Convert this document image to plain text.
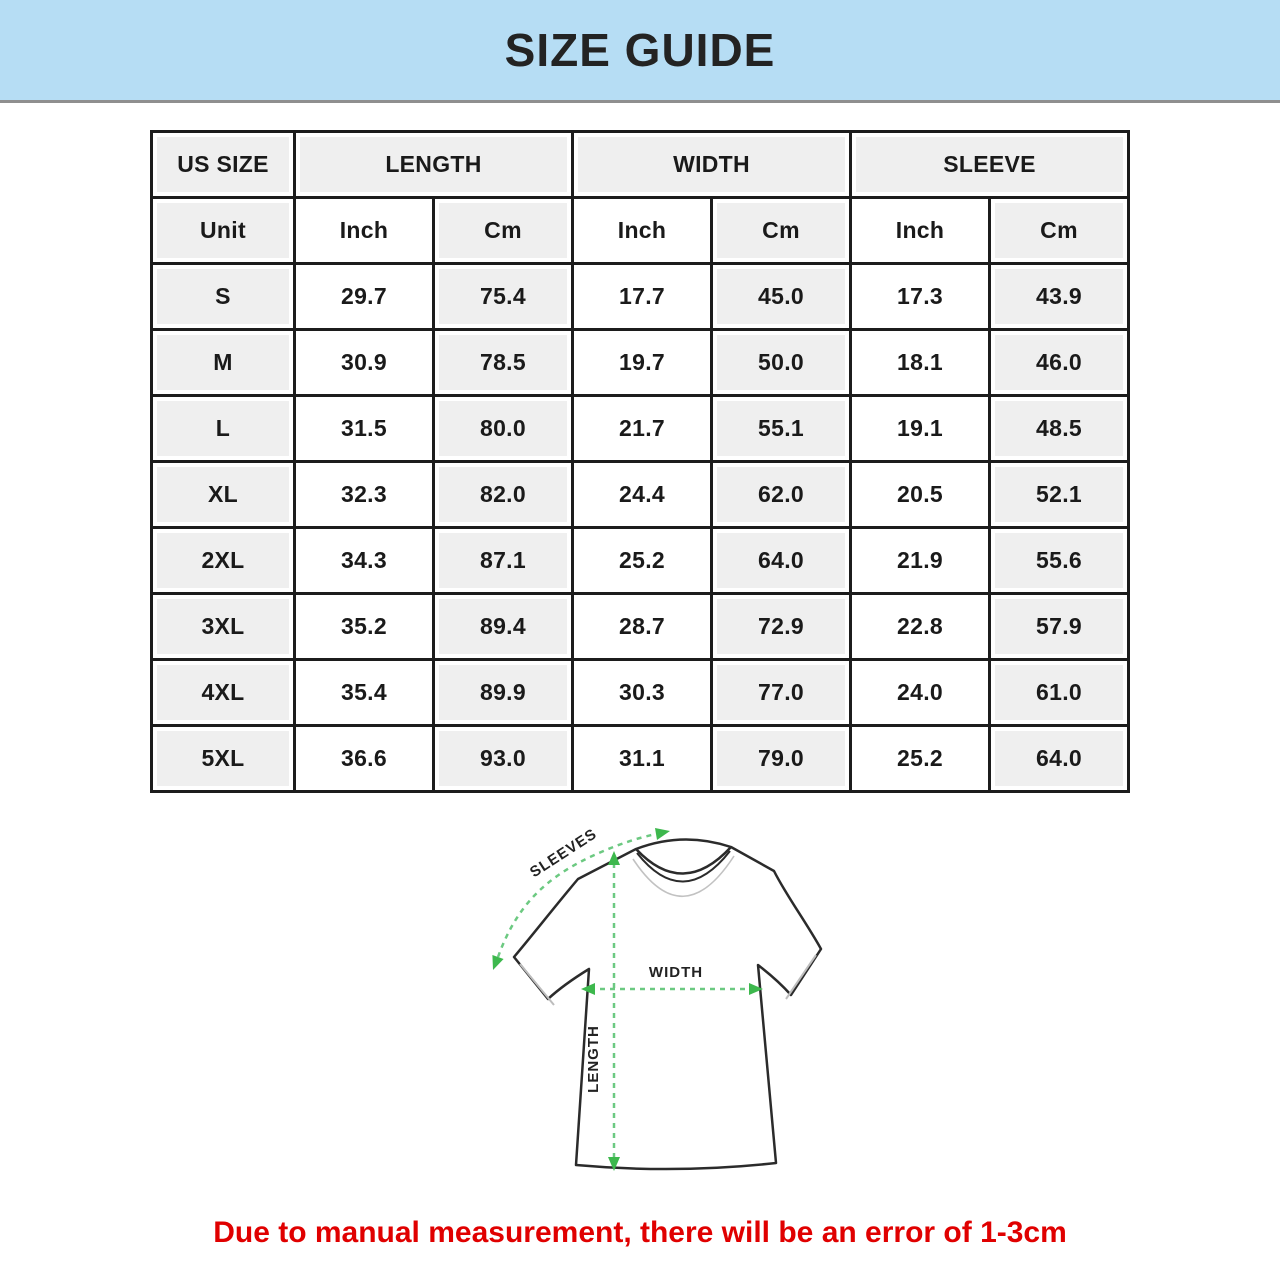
SIZE GUIDE
US SIZE	LENGTH		WIDTH		SLEEVE	

Unit	Inch	Cm	Inch	Cm	Inch	Cm

S	29.7	75.4	17.7	45.0	17.3	43.9

M	30.9	78.5	19.7	50.0	18.1	46.0

L	31.5	80.0	21.7	55.1	19.1	48.5

XL	32.3	82.0	24.4	62.0	20.5	52.1

2XL	34.3	87.1	25.2	64.0	21.9	55.6

3XL	35.2	89.4	28.7	72.9	22.8	57.9

4XL	35.4	89.9	30.3	77.0	24.0	61.0

5XL	36.6	93.0	31.1	79.0	25.2	64.0
LENGTH
WIDTH
SLEEVES
Due to manual measurement, there will be an error of 1-3cm
